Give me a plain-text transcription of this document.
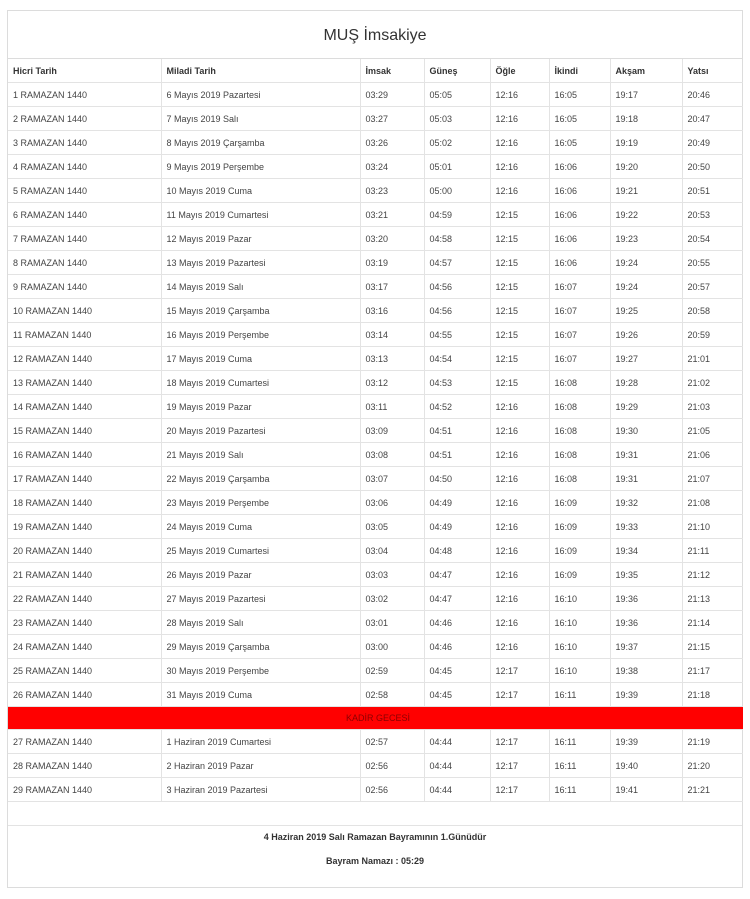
MUŞ İmsakiye
Hicri Tarih	Miladi Tarih	İmsak	Güneş	Öğle	İkindi	Akşam	Yatsı
1 RAMAZAN 1440	6 Mayıs 2019 Pazartesi	03:29	05:05	12:16	16:05	19:17	20:46
2 RAMAZAN 1440	7 Mayıs 2019 Salı	03:27	05:03	12:16	16:05	19:18	20:47
3 RAMAZAN 1440	8 Mayıs 2019 Çarşamba	03:26	05:02	12:16	16:05	19:19	20:49
4 RAMAZAN 1440	9 Mayıs 2019 Perşembe	03:24	05:01	12:16	16:06	19:20	20:50
5 RAMAZAN 1440	10 Mayıs 2019 Cuma	03:23	05:00	12:16	16:06	19:21	20:51
6 RAMAZAN 1440	11 Mayıs 2019 Cumartesi	03:21	04:59	12:15	16:06	19:22	20:53
7 RAMAZAN 1440	12 Mayıs 2019 Pazar	03:20	04:58	12:15	16:06	19:23	20:54
8 RAMAZAN 1440	13 Mayıs 2019 Pazartesi	03:19	04:57	12:15	16:06	19:24	20:55
9 RAMAZAN 1440	14 Mayıs 2019 Salı	03:17	04:56	12:15	16:07	19:24	20:57
10 RAMAZAN 1440	15 Mayıs 2019 Çarşamba	03:16	04:56	12:15	16:07	19:25	20:58
11 RAMAZAN 1440	16 Mayıs 2019 Perşembe	03:14	04:55	12:15	16:07	19:26	20:59
12 RAMAZAN 1440	17 Mayıs 2019 Cuma	03:13	04:54	12:15	16:07	19:27	21:01
13 RAMAZAN 1440	18 Mayıs 2019 Cumartesi	03:12	04:53	12:15	16:08	19:28	21:02
14 RAMAZAN 1440	19 Mayıs 2019 Pazar	03:11	04:52	12:16	16:08	19:29	21:03
15 RAMAZAN 1440	20 Mayıs 2019 Pazartesi	03:09	04:51	12:16	16:08	19:30	21:05
16 RAMAZAN 1440	21 Mayıs 2019 Salı	03:08	04:51	12:16	16:08	19:31	21:06
17 RAMAZAN 1440	22 Mayıs 2019 Çarşamba	03:07	04:50	12:16	16:08	19:31	21:07
18 RAMAZAN 1440	23 Mayıs 2019 Perşembe	03:06	04:49	12:16	16:09	19:32	21:08
19 RAMAZAN 1440	24 Mayıs 2019 Cuma	03:05	04:49	12:16	16:09	19:33	21:10
20 RAMAZAN 1440	25 Mayıs 2019 Cumartesi	03:04	04:48	12:16	16:09	19:34	21:11
21 RAMAZAN 1440	26 Mayıs 2019 Pazar	03:03	04:47	12:16	16:09	19:35	21:12
22 RAMAZAN 1440	27 Mayıs 2019 Pazartesi	03:02	04:47	12:16	16:10	19:36	21:13
23 RAMAZAN 1440	28 Mayıs 2019 Salı	03:01	04:46	12:16	16:10	19:36	21:14
24 RAMAZAN 1440	29 Mayıs 2019 Çarşamba	03:00	04:46	12:16	16:10	19:37	21:15
25 RAMAZAN 1440	30 Mayıs 2019 Perşembe	02:59	04:45	12:17	16:10	19:38	21:17
26 RAMAZAN 1440	31 Mayıs 2019 Cuma	02:58	04:45	12:17	16:11	19:39	21:18
KADİR GECESİ							
27 RAMAZAN 1440	1 Haziran 2019 Cumartesi	02:57	04:44	12:17	16:11	19:39	21:19
28 RAMAZAN 1440	2 Haziran 2019 Pazar	02:56	04:44	12:17	16:11	19:40	21:20
29 RAMAZAN 1440	3 Haziran 2019 Pazartesi	02:56	04:44	12:17	16:11	19:41	21:21
4 Haziran 2019 Salı Ramazan Bayramının 1.Günüdür
Bayram Namazı : 05:29
